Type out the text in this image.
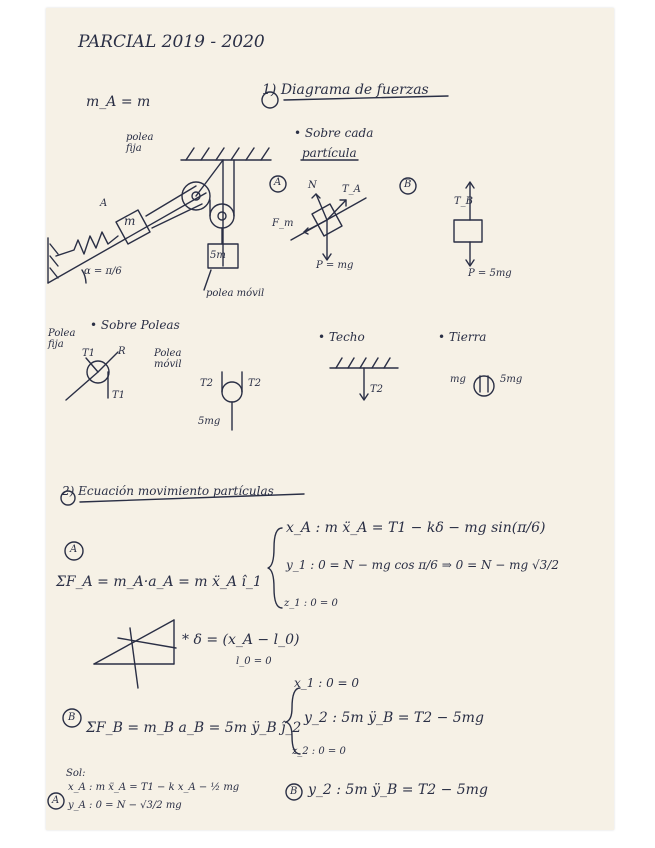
PARCIAL 2019 - 2020
m_A = m
1) Diagrama de fuerzas
polea fija
m
5m
α = π/6
A
polea móvil
• Sobre cada
partícula
A	B
N	T_A
F_m
P = mg
T_B
P = 5mg
• Sobre Poleas
Polea fija
T1 R
T1
Polea móvil
T2	T2
5mg
• Techo
T2
• Tierra
mg	5mg
2) Ecuación movimiento partículas
A
ΣF_A = m_A·a_A = m ẍ_A î_1
x_A : m ẍ_A = T1 − kδ − mg sin(π/6)
y_1 : 0 = N − mg cos π/6 ⇒ 0 = N − mg √3/2
z_1 : 0 = 0
* δ = (x_A − l_0)
l_0 = 0
x_1 : 0 = 0
B
ΣF_B = m_B a_B = 5m ÿ_B ĵ_2
y_2 : 5m ÿ_B = T2 − 5mg
z_2 : 0 = 0
Sol:
x_A : m ẍ_A = T1 − k x_A − ½ mg
y_A : 0 = N − √3/2 mg
A
B y_2 : 5m ÿ_B = T2 − 5mg
